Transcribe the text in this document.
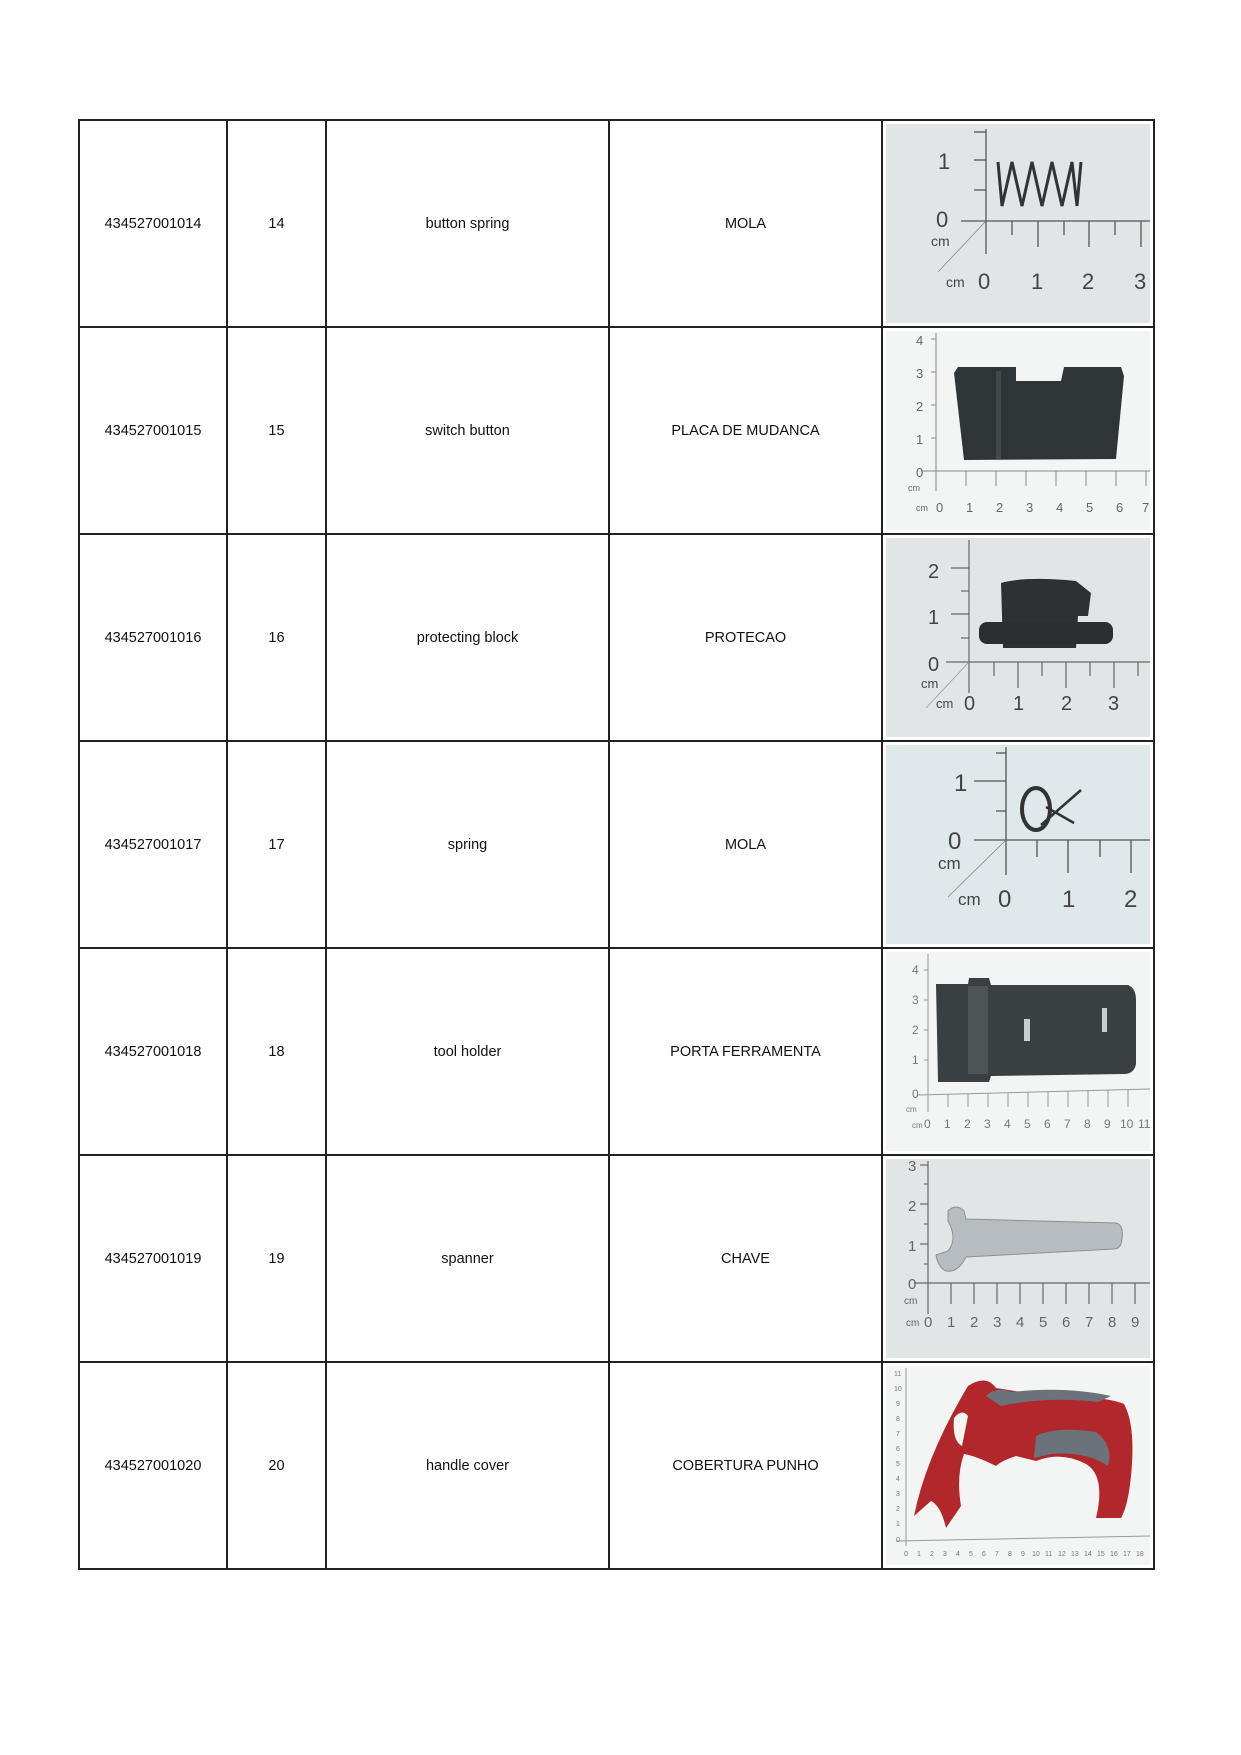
434527001014	14	button spring	MOLA	
1
0
cm
cm 0 1 2 3

434527001015	15	switch button	PLACA DE MUDANCA	
4
3
2
1
0
cm
cm 0 1 2 3 4 5 6 7

434527001016	16	protecting block	PROTECAO	
2
1
0
cm
cm 0 1 2 3

434527001017	17	spring	MOLA	
1
0
cm
cm 0 1 2

434527001018	18	tool holder	PORTA FERRAMENTA	
4
3
2
1
0
cm
cm 0 1 2 3 4 5 6 7 8 9 10 11

434527001019	19	spanner	CHAVE	
3
2
1
0
cm
cm 0 1 2 3 4 5 6 7 8 9

434527001020	20	handle cover	COBERTURA PUNHO	
0
1
2
3
4
5
6
7
8
9
10
11
0 1 2 3 4 5 6 7 8 9 10 11 12 13 14 15 16 17 18
